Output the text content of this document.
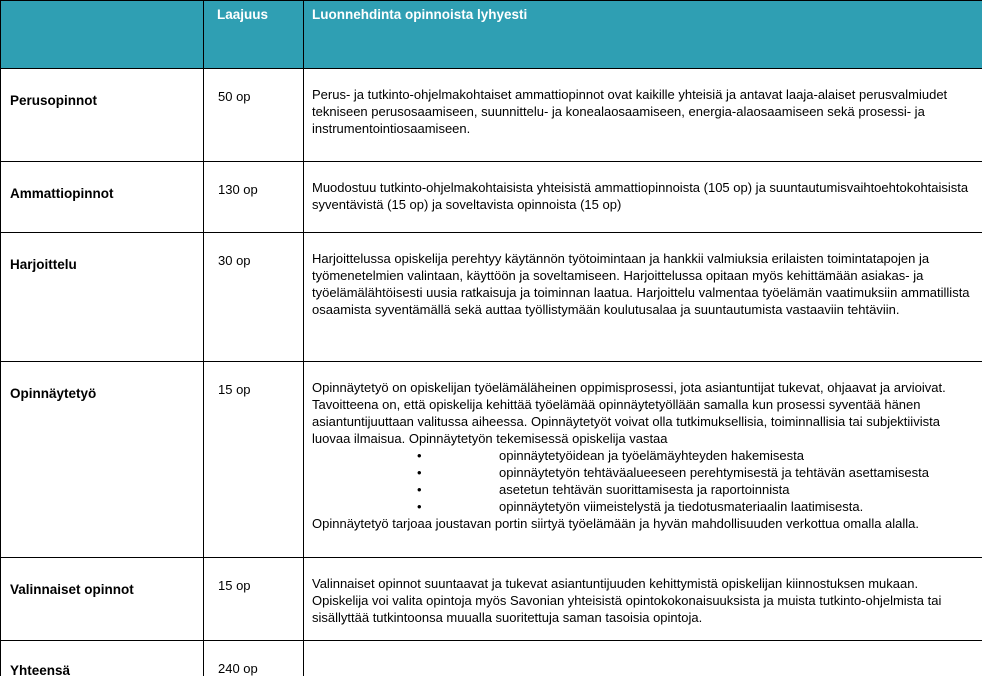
	Laajuus	Luonnehdinta opinnoista lyhyesti
Perusopinnot	50 op	Perus- ja tutkinto-ohjelmakohtaiset ammattiopinnot ovat kaikille yhteisiä ja antavat laaja-alaiset perusvalmiudet tekniseen perusosaamiseen, suunnittelu- ja konealaosaamiseen, energia-alaosaamiseen sekä prosessi- ja instrumentointiosaamiseen.
Ammattiopinnot	130 op	Muodostuu tutkinto-ohjelmakohtaisista yhteisistä ammattiopinnoista (105 op) ja suuntautumisvaihtoehtokohtaisista syventävistä (15 op) ja soveltavista opinnoista (15 op)
Harjoittelu	30 op	Harjoittelussa opiskelija perehtyy käytännön työtoimintaan ja hankkii valmiuksia erilaisten toimintatapojen ja työmenetelmien valintaan, käyttöön ja soveltamiseen. Harjoittelussa opitaan myös kehittämään asiakas- ja työelämälähtöisesti uusia ratkaisuja ja toiminnan laatua. Harjoittelu valmentaa työelämän vaatimuksiin ammatillista osaamista syventämällä sekä auttaa työllistymään koulutusalaa ja suuntautumista vastaaviin tehtäviin.
Opinnäytetyö	15 op	Opinnäytetyö on opiskelijan työelämäläheinen oppimisprosessi, jota asiantuntijat tukevat, ohjaavat ja arvioivat. Tavoitteena on, että opiskelija kehittää työelämää opinnäytetyöllään samalla kun prosessi syventää hänen asiantuntijuuttaan valitussa aiheessa. Opinnäytetyöt voivat olla tutkimuksellisia, toiminnallisia tai subjektiivista luovaa ilmaisua. Opinnäytetyön tekemisessä opiskelija vastaa
•	opinnäytetyöidean ja työelämäyhteyden hakemisesta
•	opinnäytetyön tehtäväalueeseen perehtymisestä ja tehtävän asettamisesta
•	asetetun tehtävän suorittamisesta ja raportoinnista
•	opinnäytetyön viimeistelystä ja tiedotusmateriaalin laatimisesta.
Opinnäytetyö tarjoaa joustavan portin siirtyä työelämään ja hyvän mahdollisuuden verkottua omalla alalla.

Valinnaiset opinnot	15 op	Valinnaiset opinnot suuntaavat ja tukevat asiantuntijuuden kehittymistä opiskelijan kiinnostuksen mukaan. Opiskelija voi valita opintoja myös Savonian yhteisistä opintokokonaisuuksista ja muista tutkinto-ohjelmista tai sisällyttää tutkintoonsa muualla suoritettuja saman tasoisia opintoja.
Yhteensä	240 op	
